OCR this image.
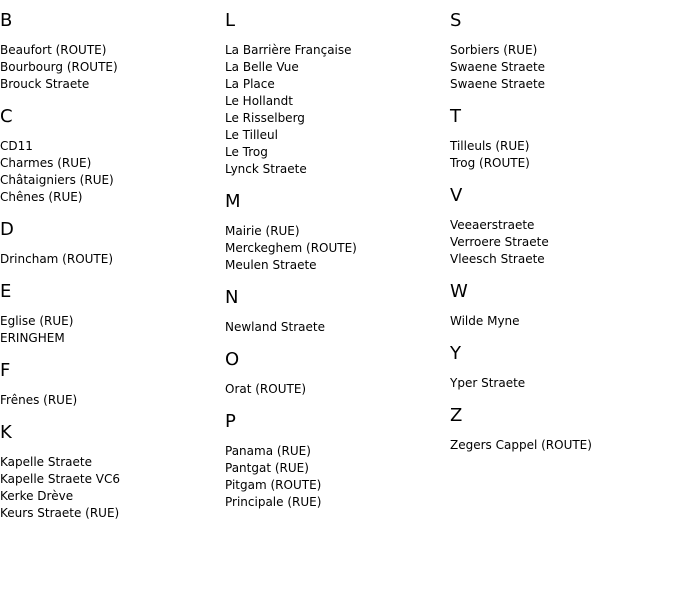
B
Beaufort (ROUTE)
Bourbourg (ROUTE)
Brouck Straete
C
CD11
Charmes (RUE)
Châtaigniers (RUE)
Chênes (RUE)
D
Drincham (ROUTE)
E
Eglise (RUE)
ERINGHEM
F
Frênes (RUE)
K
Kapelle Straete
Kapelle Straete VC6
Kerke Drève
Keurs Straete (RUE)
L
La Barrière Française
La Belle Vue
La Place
Le Hollandt
Le Risselberg
Le Tilleul
Le Trog
Lynck Straete
M
Mairie (RUE)
Merckeghem (ROUTE)
Meulen Straete
N
Newland Straete
O
Orat (ROUTE)
P
Panama (RUE)
Pantgat (RUE)
Pitgam (ROUTE)
Principale (RUE)
S
Sorbiers (RUE)
Swaene Straete
Swaene Straete
T
Tilleuls (RUE)
Trog (ROUTE)
V
Veeaerstraete
Verroere Straete
Vleesch Straete
W
Wilde Myne
Y
Yper Straete
Z
Zegers Cappel (ROUTE)
